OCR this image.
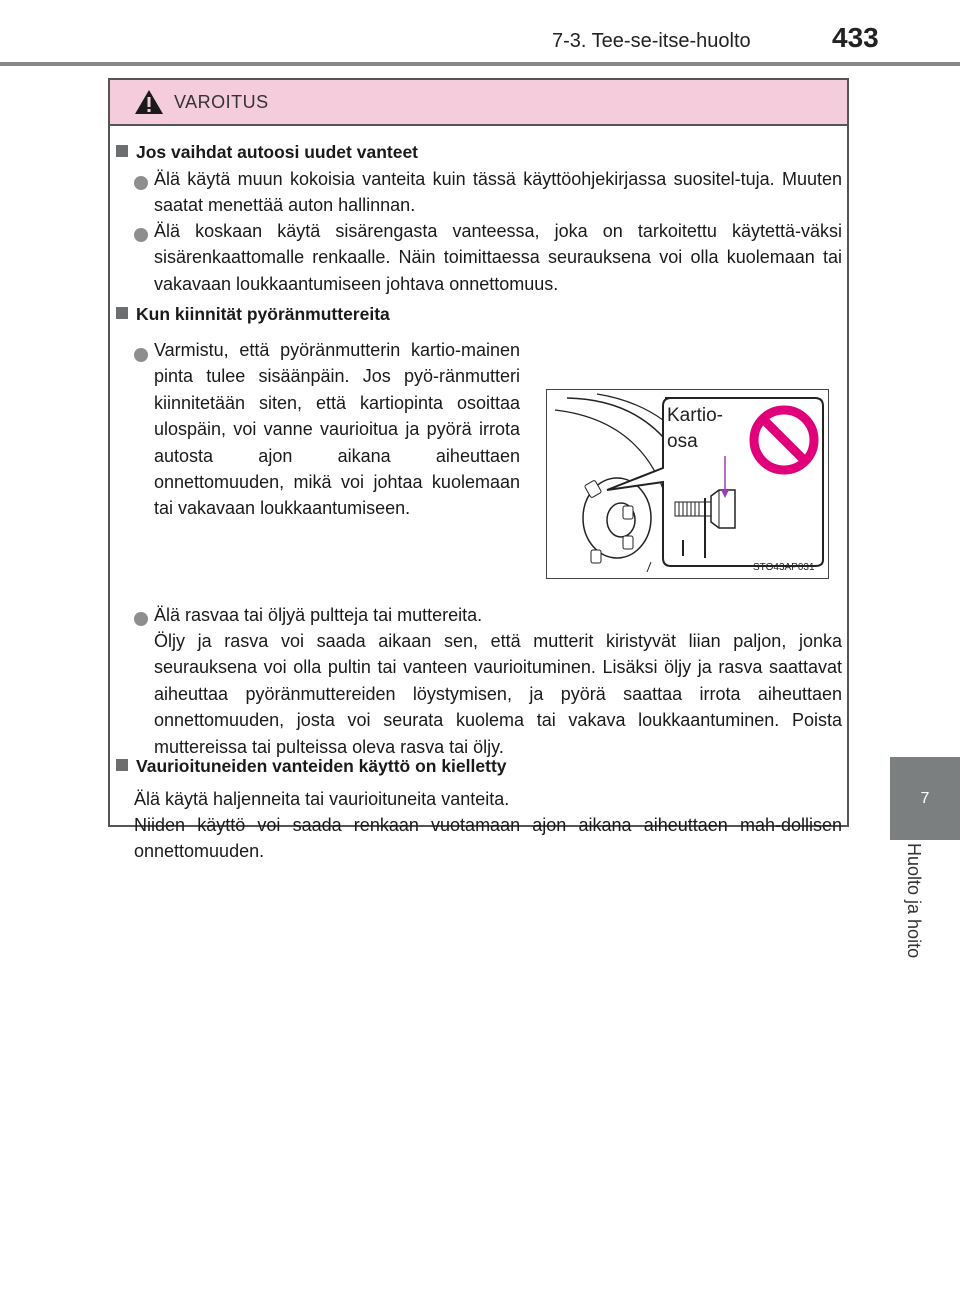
7-3. Tee-se-itse-huolto	433
7
Huolto ja hoito
VAROITUS
Jos vaihdat autoosi uudet vanteet
Älä käytä muun kokoisia vanteita kuin tässä käyttöohjekirjassa suositel-tuja. Muuten saatat menettää auton hallinnan.
Älä koskaan käytä sisärengasta vanteessa, joka on tarkoitettu käytettä-väksi sisärenkaattomalle renkaalle. Näin toimittaessa seurauksena voi olla kuolemaan tai vakavaan loukkaantumiseen johtava onnettomuus.
Kun kiinnität pyöränmuttereita
Varmistu, että pyöränmutterin kartio-mainen pinta tulee sisäänpäin. Jos pyö-ränmutteri kiinnitetään siten, että kartiopinta osoittaa ulospäin, voi vanne vaurioitua ja pyörä irrota autosta ajon aikana aiheuttaen onnettomuuden, mikä voi johtaa kuolemaan tai vakavaan loukkaantumiseen.
Kartio-
osa
STO43AP031
Älä rasvaa tai öljyä pultteja tai muttereita.
Öljy ja rasva voi saada aikaan sen, että mutterit kiristyvät liian paljon, jonka seurauksena voi olla pultin tai vanteen vaurioituminen. Lisäksi öljy ja rasva saattavat aiheuttaa pyöränmuttereiden löystymisen, ja pyörä saattaa irrota aiheuttaen onnettomuuden, josta voi seurata kuolema tai vakava loukkaantuminen. Poista muttereissa tai pulteissa oleva rasva tai öljy.
Vaurioituneiden vanteiden käyttö on kielletty
Älä käytä haljenneita tai vaurioituneita vanteita.
Niiden käyttö voi saada renkaan vuotamaan ajon aikana aiheuttaen mah-dollisen onnettomuuden.
